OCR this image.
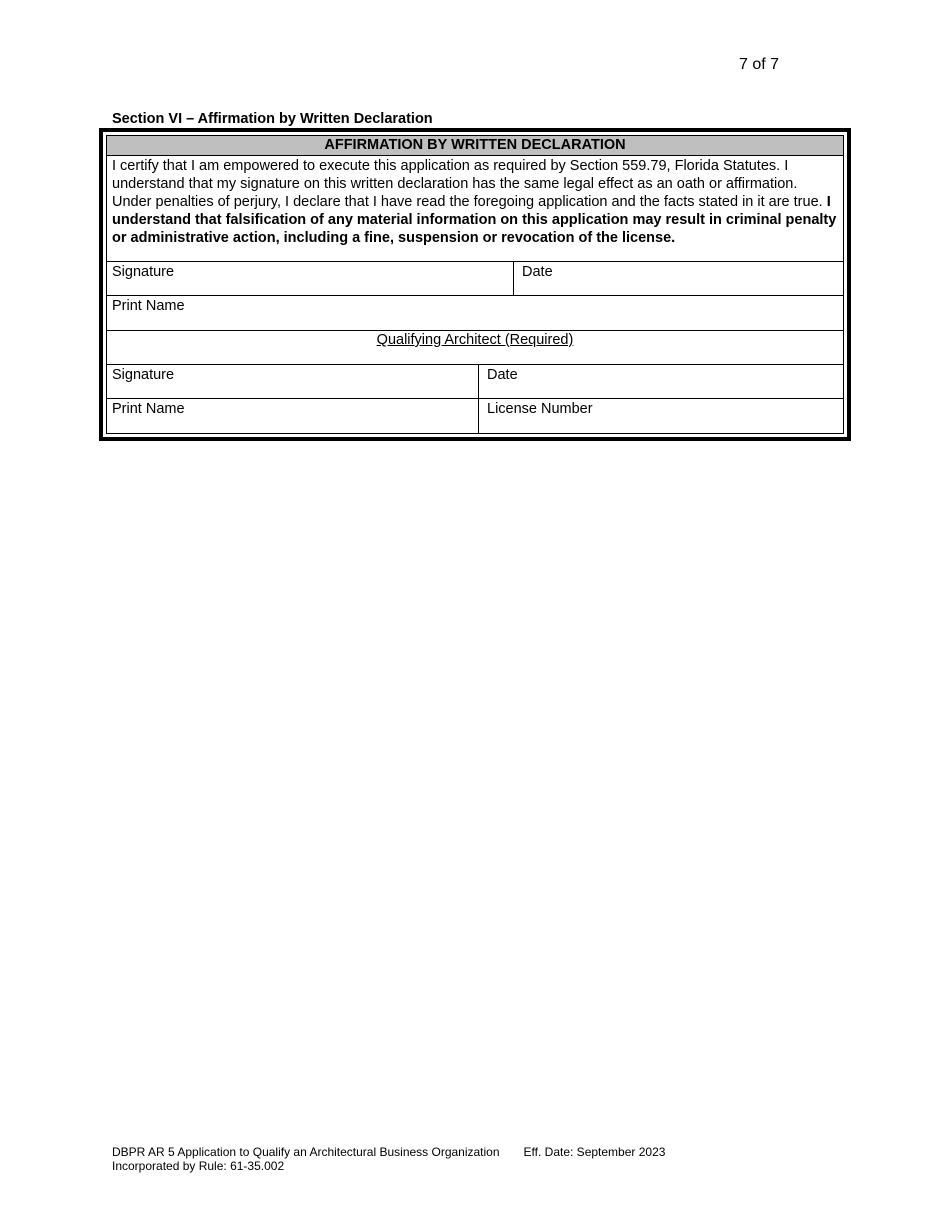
7 of 7
Section VI – Affirmation by Written Declaration
AFFIRMATION BY WRITTEN DECLARATION
I certify that I am empowered to execute this application as required by Section 559.79, Florida Statutes. I understand that my signature on this written declaration has the same legal effect as an oath or affirmation. Under penalties of perjury, I declare that I have read the foregoing application and the facts stated in it are true. I understand that falsification of any material information on this application may result in criminal penalty or administrative action, including a fine, suspension or revocation of the license.
Signature	Date
Print Name
Qualifying Architect (Required)
Signature	Date
Print Name	License Number
DBPR AR 5 Application to Qualify an Architectural Business Organization Eff. Date: September 2023
Incorporated by Rule: 61-35.002
